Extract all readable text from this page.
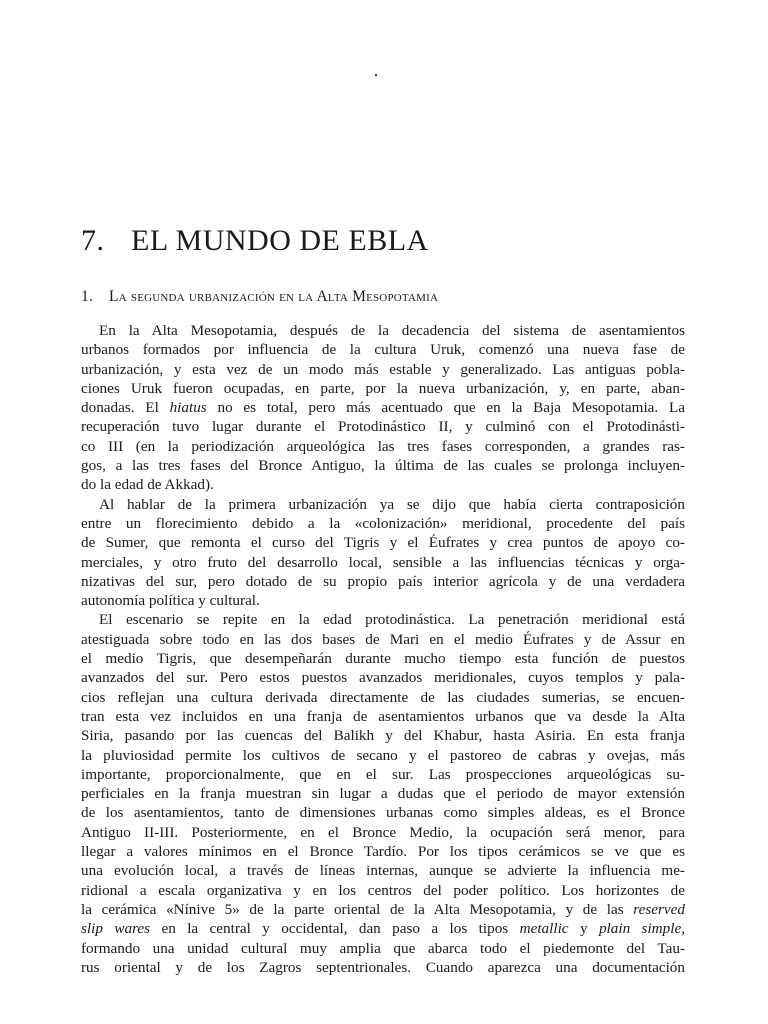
·
7. EL MUNDO DE EBLA
1. La segunda urbanización en la Alta Mesopotamia
En la Alta Mesopotamia, después de la decadencia del sistema de asentamientos
urbanos formados por influencia de la cultura Uruk, comenzó una nueva fase de
urbanización, y esta vez de un modo más estable y generalizado. Las antiguas pobla-
ciones Uruk fueron ocupadas, en parte, por la nueva urbanización, y, en parte, aban-
donadas. El hiatus no es total, pero más acentuado que en la Baja Mesopotamia. La
recuperación tuvo lugar durante el Protodinástico II, y culminó con el Protodinásti-
co III (en la periodización arqueológica las tres fases corresponden, a grandes ras-
gos, a las tres fases del Bronce Antiguo, la última de las cuales se prolonga incluyen-
do la edad de Akkad).
Al hablar de la primera urbanización ya se dijo que había cierta contraposición
entre un florecimiento debido a la «colonización» meridional, procedente del país
de Sumer, que remonta el curso del Tigris y el Éufrates y crea puntos de apoyo co-
merciales, y otro fruto del desarrollo local, sensible a las influencias técnicas y orga-
nizativas del sur, pero dotado de su propio país interior agrícola y de una verdadera
autonomía política y cultural.
El escenario se repite en la edad protodinástica. La penetración meridional está
atestiguada sobre todo en las dos bases de Mari en el medio Éufrates y de Assur en
el medio Tigris, que desempeñarán durante mucho tiempo esta función de puestos
avanzados del sur. Pero estos puestos avanzados meridionales, cuyos templos y pala-
cios reflejan una cultura derivada directamente de las ciudades sumerias, se encuen-
tran esta vez incluidos en una franja de asentamientos urbanos que va desde la Alta
Siria, pasando por las cuencas del Balikh y del Khabur, hasta Asiria. En esta franja
la pluviosidad permite los cultivos de secano y el pastoreo de cabras y ovejas, más
importante, proporcionalmente, que en el sur. Las prospecciones arqueológicas su-
perficiales en la franja muestran sin lugar a dudas que el periodo de mayor extensión
de los asentamientos, tanto de dimensiones urbanas como simples aldeas, es el Bronce
Antiguo II-III. Posteriormente, en el Bronce Medio, la ocupación será menor, para
llegar a valores mínimos en el Bronce Tardío. Por los tipos cerámicos se ve que es
una evolución local, a través de líneas internas, aunque se advierte la influencia me-
ridional a escala organizativa y en los centros del poder político. Los horizontes de
la cerámica «Nínive 5» de la parte oriental de la Alta Mesopotamia, y de las reserved
slip wares en la central y occidental, dan paso a los tipos metallic y plain simple,
formando una unidad cultural muy amplia que abarca todo el piedemonte del Tau-
rus oriental y de los Zagros septentrionales. Cuando aparezca una documentación
